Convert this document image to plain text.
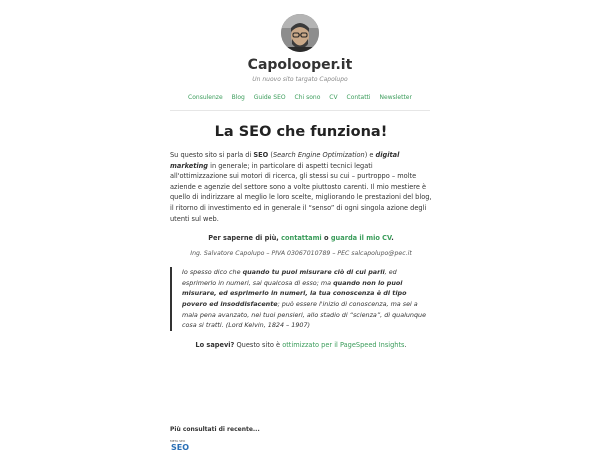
Capolooper.it
Un nuovo sito targato Capolupo
Consulenze Blog Guide SEO Chi sono CV Contatti Newsletter
La SEO che funziona!

Su questo sito si parla di SEO (Search Engine Optimization) e digital marketing in generale; in particolare di aspetti tecnici legati all'ottimizzazione sui motori di ricerca, gli stessi su cui – purtroppo – molte aziende e agenzie del settore sono a volte piuttosto carenti. Il mio mestiere è quello di indirizzare al meglio le loro scelte, migliorando le prestazioni del blog, il ritorno di investimento ed in generale il “senso” di ogni singola azione degli utenti sul web.

Per saperne di più, contattami o guarda il mio CV.

Ing. Salvatore Capolupo – PIVA 03067010789 – PEC salcapolupo@pec.it

Io spesso dico che quando tu puoi misurare ciò di cui parli, ed esprimerlo in numeri, sai qualcosa di esso; ma quando non lo puoi misurare, ed esprimerlo in numeri, la tua conoscenza è di tipo povero ed insoddisfacente; può essere l'inizio di conoscenza, ma sei a mala pena avanzato, nei tuoi pensieri, allo stadio di “scienza”, di qualunque cosa si tratti. (Lord Kelvin, 1824 – 1907)

Lo sapevi? Questo sito è ottimizzato per il PageSpeed Insights.

Più consultati di recente...
META SEO
SEO
